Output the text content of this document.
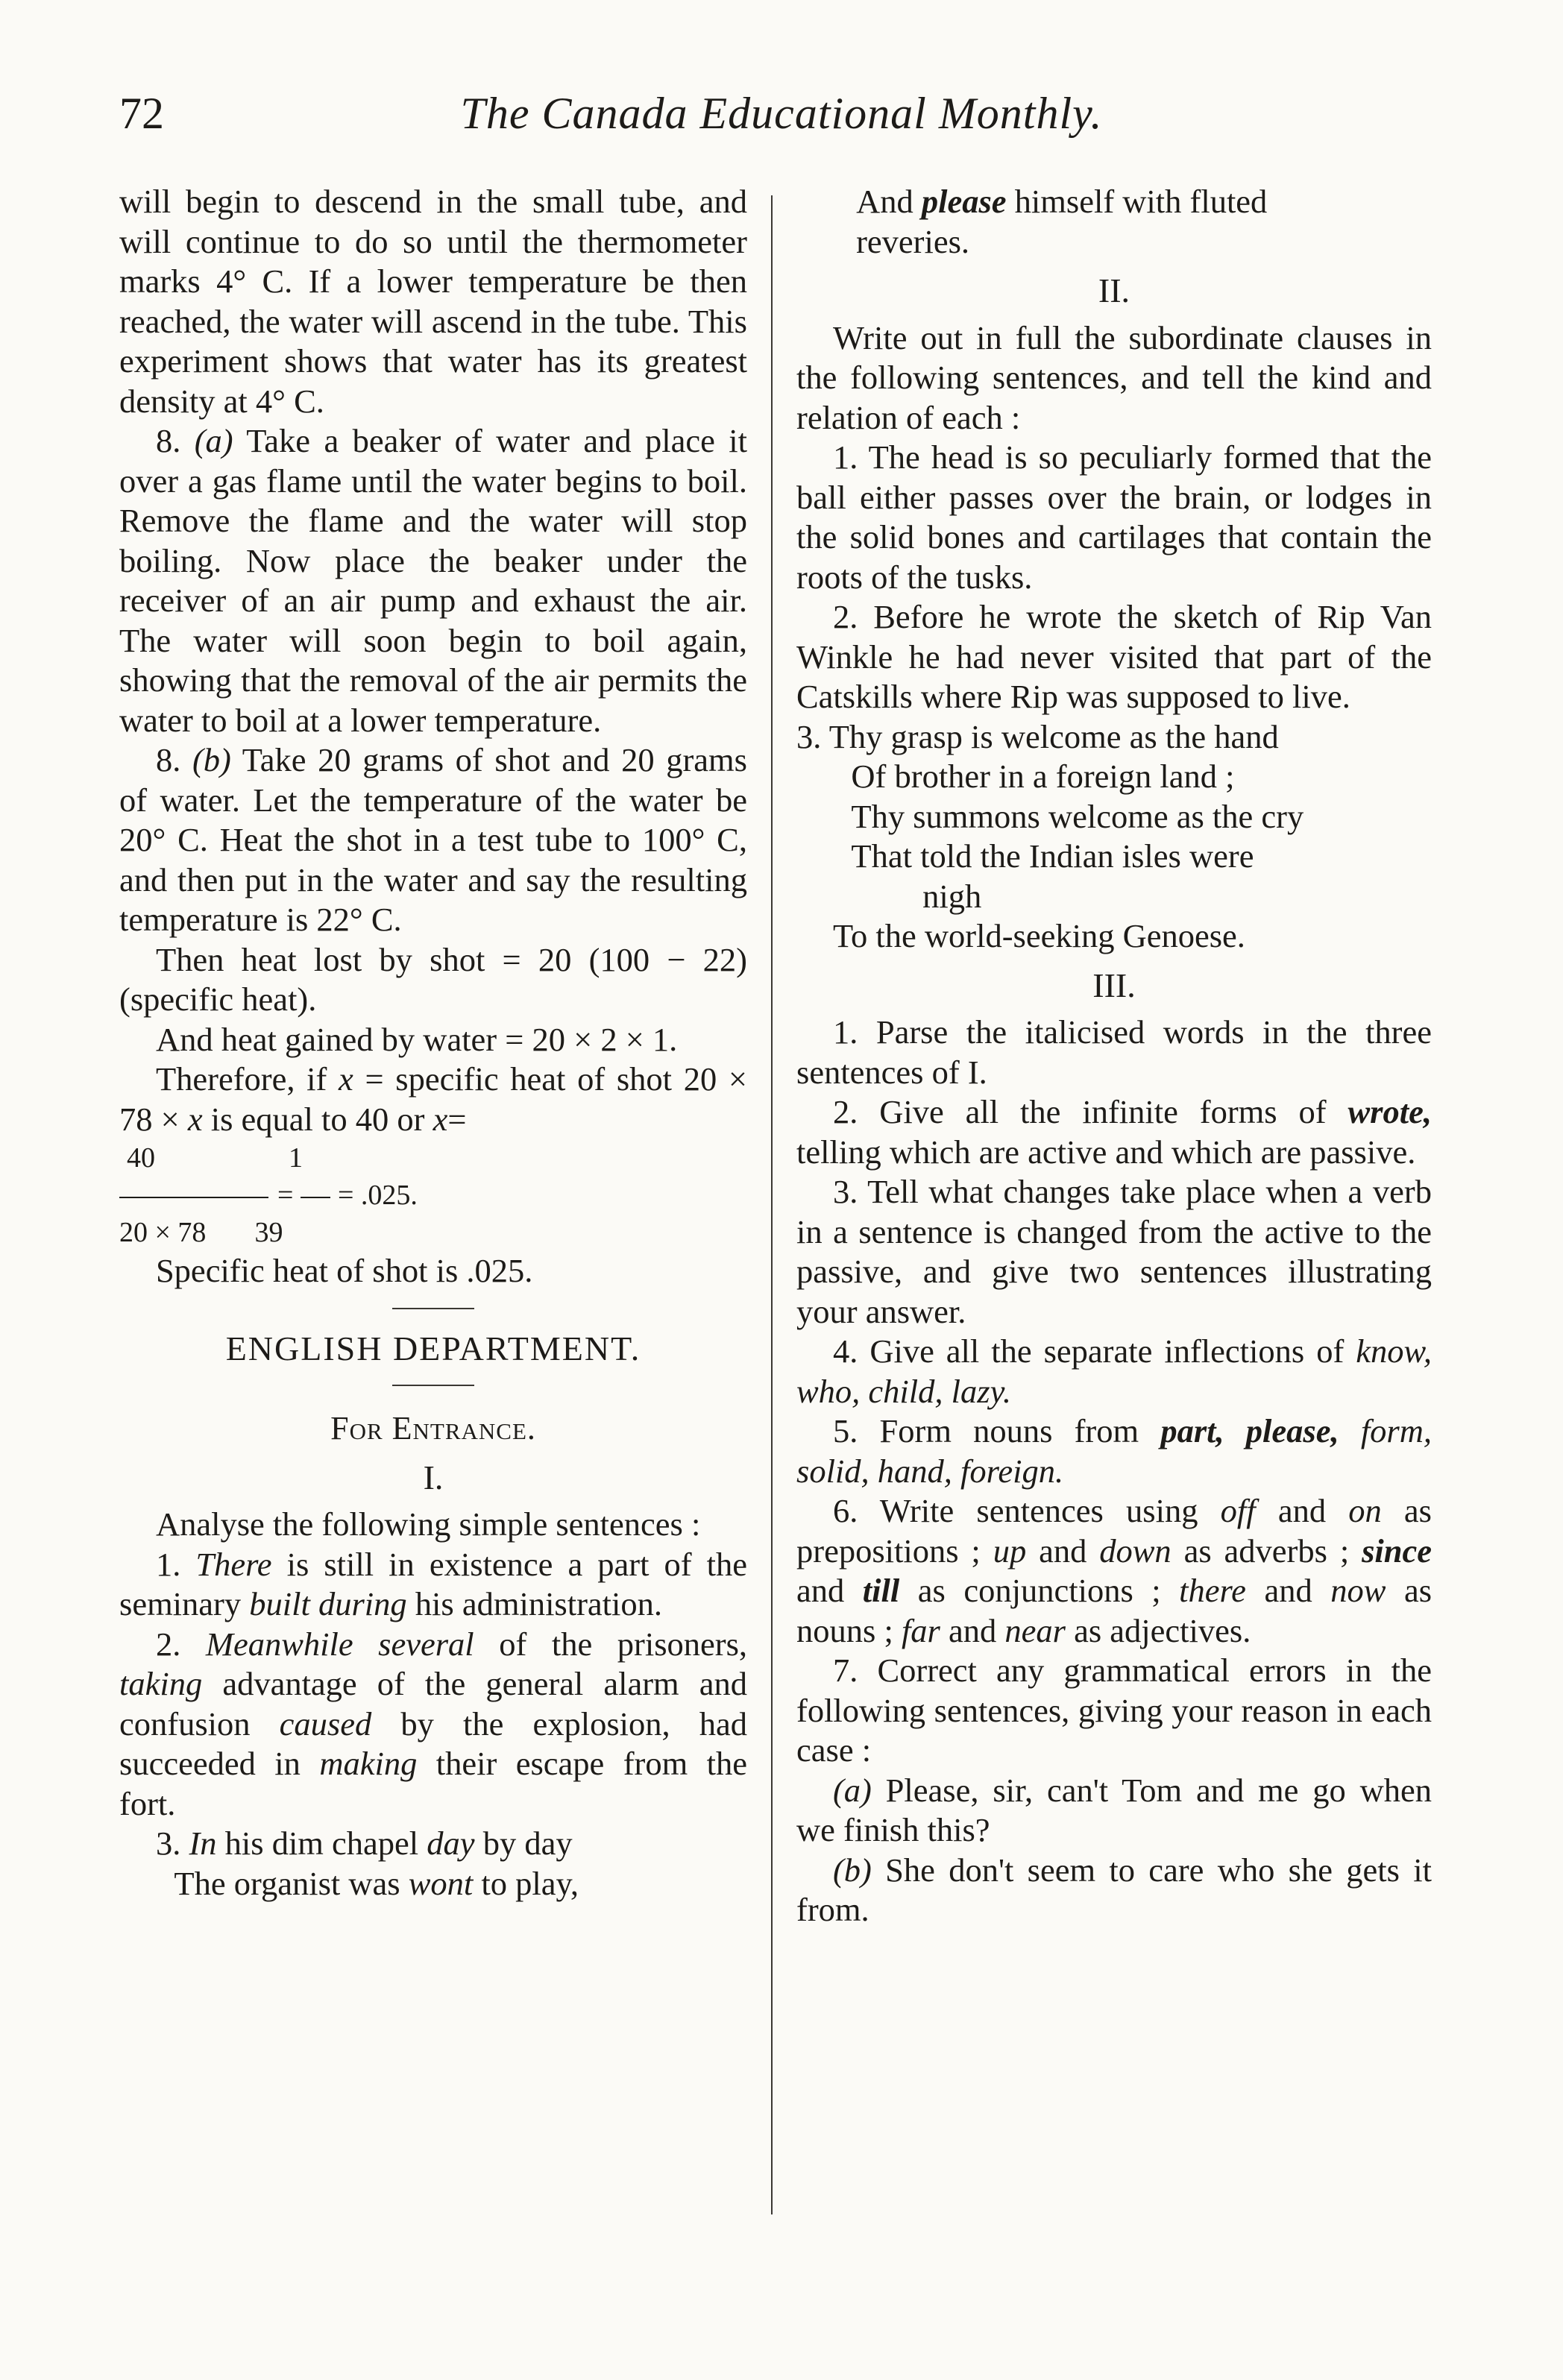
72	The Canada Educational Monthly.

will begin to descend in the small tube, and will continue to do so until the thermometer marks 4° C. If a lower temperature be then reached, the water will ascend in the tube. This experiment shows that water has its greatest density at 4° C.

8. (a) Take a beaker of water and place it over a gas flame until the water begins to boil. Remove the flame and the water will stop boiling. Now place the beaker under the receiver of an air pump and exhaust the air. The water will soon begin to boil again, showing that the removal of the air permits the water to boil at a lower temperature.

8. (b) Take 20 grams of shot and 20 grams of water. Let the temperature of the water be 20° C. Heat the shot in a test tube to 100° C, and then put in the water and say the resulting temperature is 22° C.

Then heat lost by shot = 20 (100 − 22) (specific heat).

And heat gained by water = 20 × 2 × 1.

Therefore, if x = specific heat of shot 20 × 78 × x is equal to 40 or x=

40	1
= = .025.
20 × 78 39

Specific heat of shot is .025.

ENGLISH DEPARTMENT.
For Entrance.
I.

Analyse the following simple sentences :

1. There is still in existence a part of the seminary built during his administration.

2. Meanwhile several of the prisoners, taking advantage of the general alarm and confusion caused by the explosion, had succeeded in making their escape from the fort.

3. In his dim chapel day by day
The organist was wont to play,

And please himself with fluted
reveries.

II.

Write out in full the subordinate clauses in the following sentences, and tell the kind and relation of each :

1. The head is so peculiarly formed that the ball either passes over the brain, or lodges in the solid bones and cartilages that contain the roots of the tusks.

2. Before he wrote the sketch of Rip Van Winkle he had never visited that part of the Catskills where Rip was supposed to live.

3. Thy grasp is welcome as the hand
Of brother in a foreign land ;
Thy summons welcome as the cry
That told the Indian isles were
nigh
To the world-seeking Genoese.

III.

1. Parse the italicised words in the three sentences of I.

2. Give all the infinite forms of wrote, telling which are active and which are passive.

3. Tell what changes take place when a verb in a sentence is changed from the active to the passive, and give two sentences illustrating your answer.

4. Give all the separate inflections of know, who, child, lazy.

5. Form nouns from part, please, form, solid, hand, foreign.

6. Write sentences using off and on as prepositions ; up and down as adverbs ; since and till as conjunctions ; there and now as nouns ; far and near as adjectives.

7. Correct any grammatical errors in the following sentences, giving your reason in each case :

(a) Please, sir, can't Tom and me go when we finish this?

(b) She don't seem to care who she gets it from.
